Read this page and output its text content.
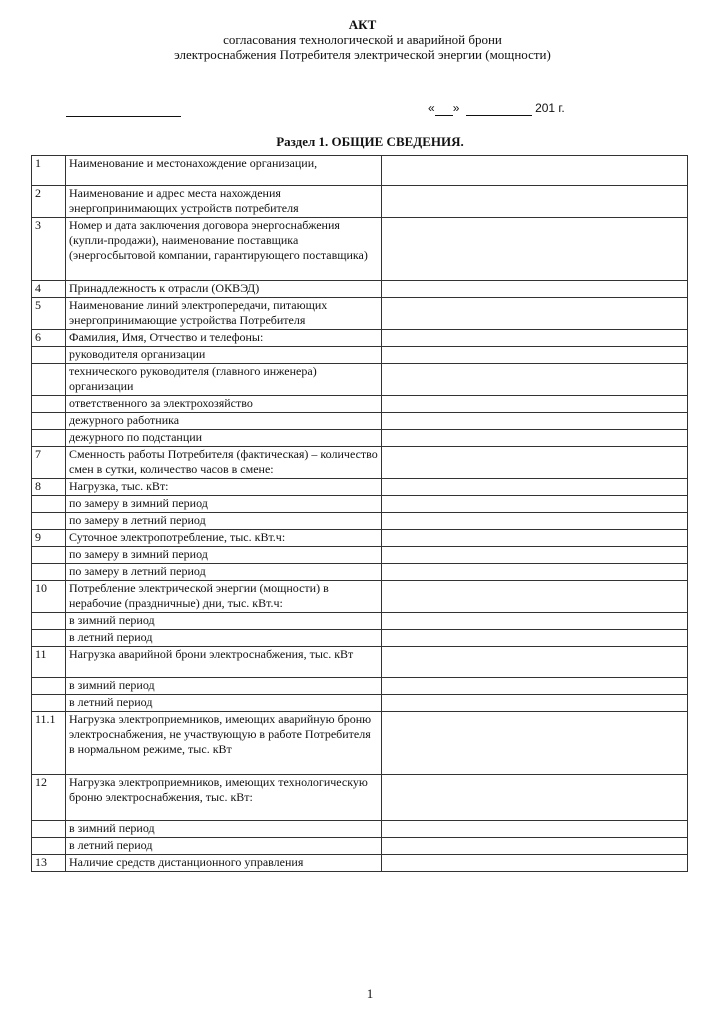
АКТ
согласования технологической и аварийной брони
электроснабжения Потребителя электрической энергии (мощности)
« »	201 г.
Раздел 1. ОБЩИЕ СВЕДЕНИЯ.
1	Наименование и местонахождение организации,	
2	Наименование и адрес места нахождения энергопринимающих устройств потребителя	
3	Номер и дата заключения договора энергоснабжения (купли-продажи), наименование поставщика (энергосбытовой компании, гарантирующего поставщика)	
4	Принадлежность к отрасли (ОКВЭД)	
5	Наименование линий электропередачи, питающих энергопринимающие устройства Потребителя	
6	Фамилия, Имя, Отчество и телефоны:	
	руководителя организации	
	технического руководителя (главного инженера) организации	
	ответственного за электрохозяйство	
	дежурного работника	
	дежурного по подстанции	
7	Сменность работы Потребителя (фактическая) – количество смен в сутки, количество часов в смене:	
8	Нагрузка, тыс. кВт:	
	по замеру в зимний период	
	по замеру в летний период	
9	Суточное электропотребление, тыс. кВт.ч:	
	по замеру в зимний период	
	по замеру в летний период	
10	Потребление электрической энергии (мощности) в нерабочие (праздничные) дни, тыс. кВт.ч:	
	в зимний период	
	в летний период	
11	Нагрузка аварийной брони электроснабжения, тыс. кВт	
	в зимний период	
	в летний период	
11.1	Нагрузка электроприемников, имеющих аварийную броню электроснабжения, не участвующую в работе Потребителя в нормальном режиме, тыс. кВт	
12	Нагрузка электроприемников, имеющих технологическую броню электроснабжения, тыс. кВт:	
	в зимний период	
	в летний период	
13	Наличие средств дистанционного управления	
1
